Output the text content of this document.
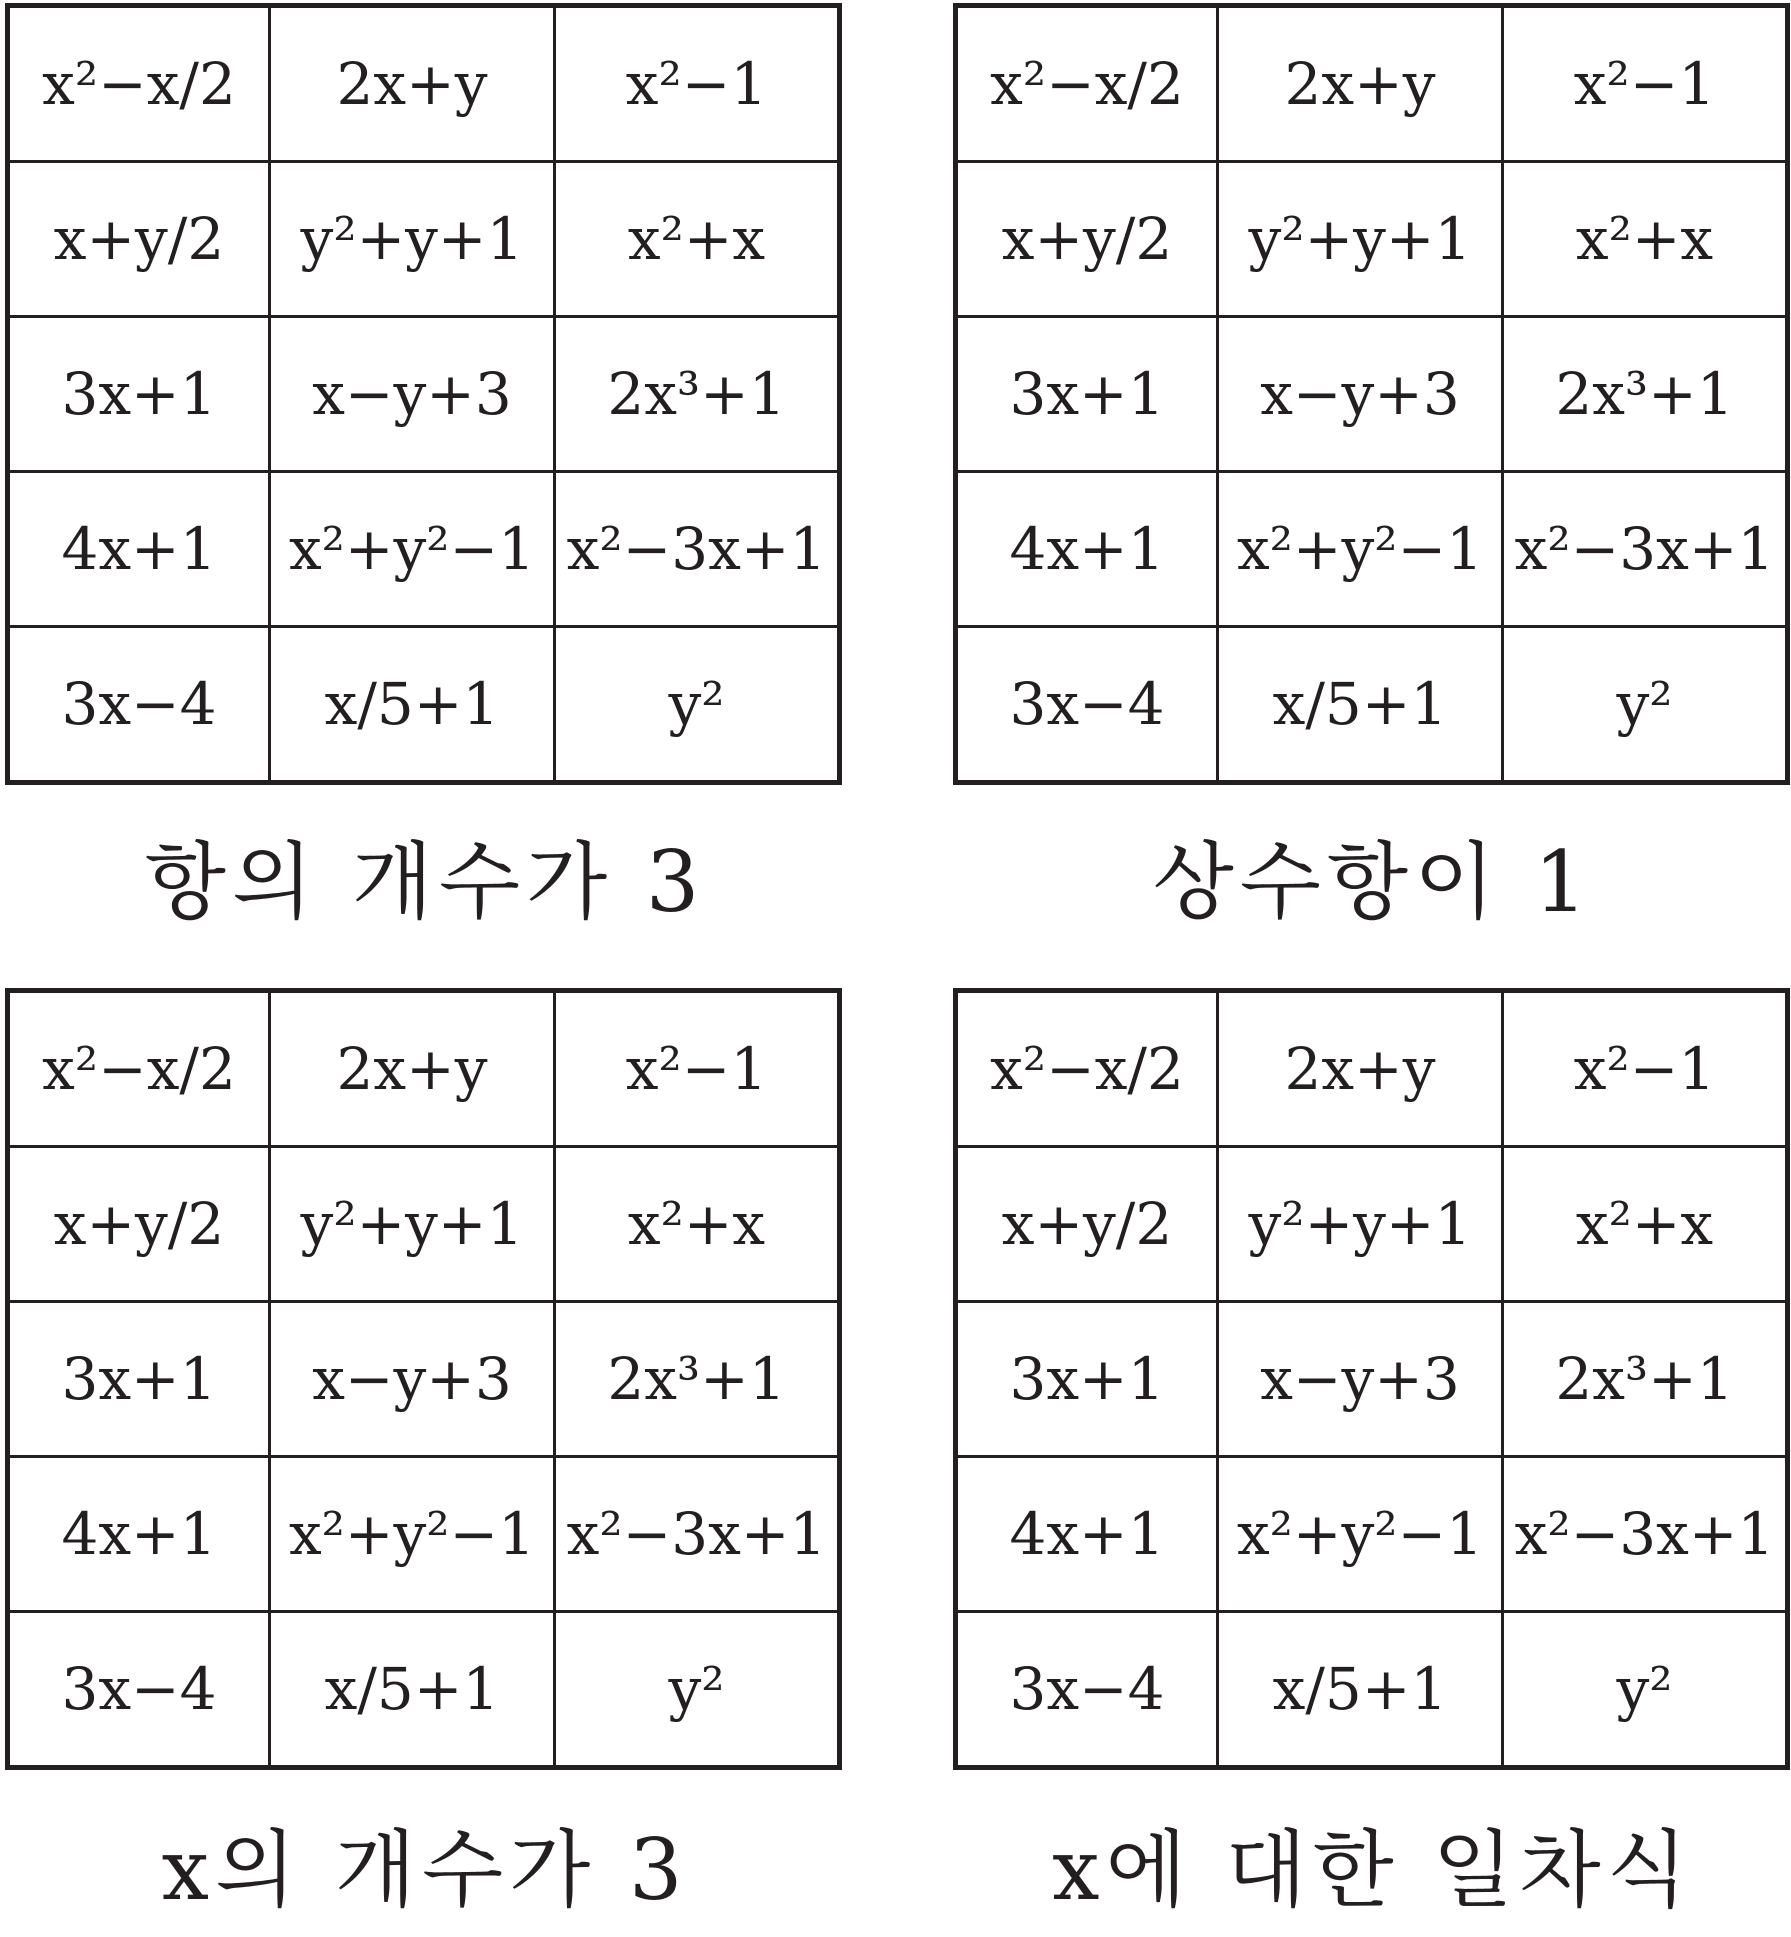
x²−x/2	2x+y	x²−1
x+y/2	y²+y+1	x²+x
3x+1	x−y+3	2x³+1
4x+1	x²+y²−1	x²−3x+1
3x−4	x/5+1	y²
항의 개수가 3
x²−x/2	2x+y	x²−1
x+y/2	y²+y+1	x²+x
3x+1	x−y+3	2x³+1
4x+1	x²+y²−1	x²−3x+1
3x−4	x/5+1	y²
상수항이 1
x²−x/2	2x+y	x²−1
x+y/2	y²+y+1	x²+x
3x+1	x−y+3	2x³+1
4x+1	x²+y²−1	x²−3x+1
3x−4	x/5+1	y²
x의 개수가 3
x²−x/2	2x+y	x²−1
x+y/2	y²+y+1	x²+x
3x+1	x−y+3	2x³+1
4x+1	x²+y²−1	x²−3x+1
3x−4	x/5+1	y²
x에 대한 일차식
